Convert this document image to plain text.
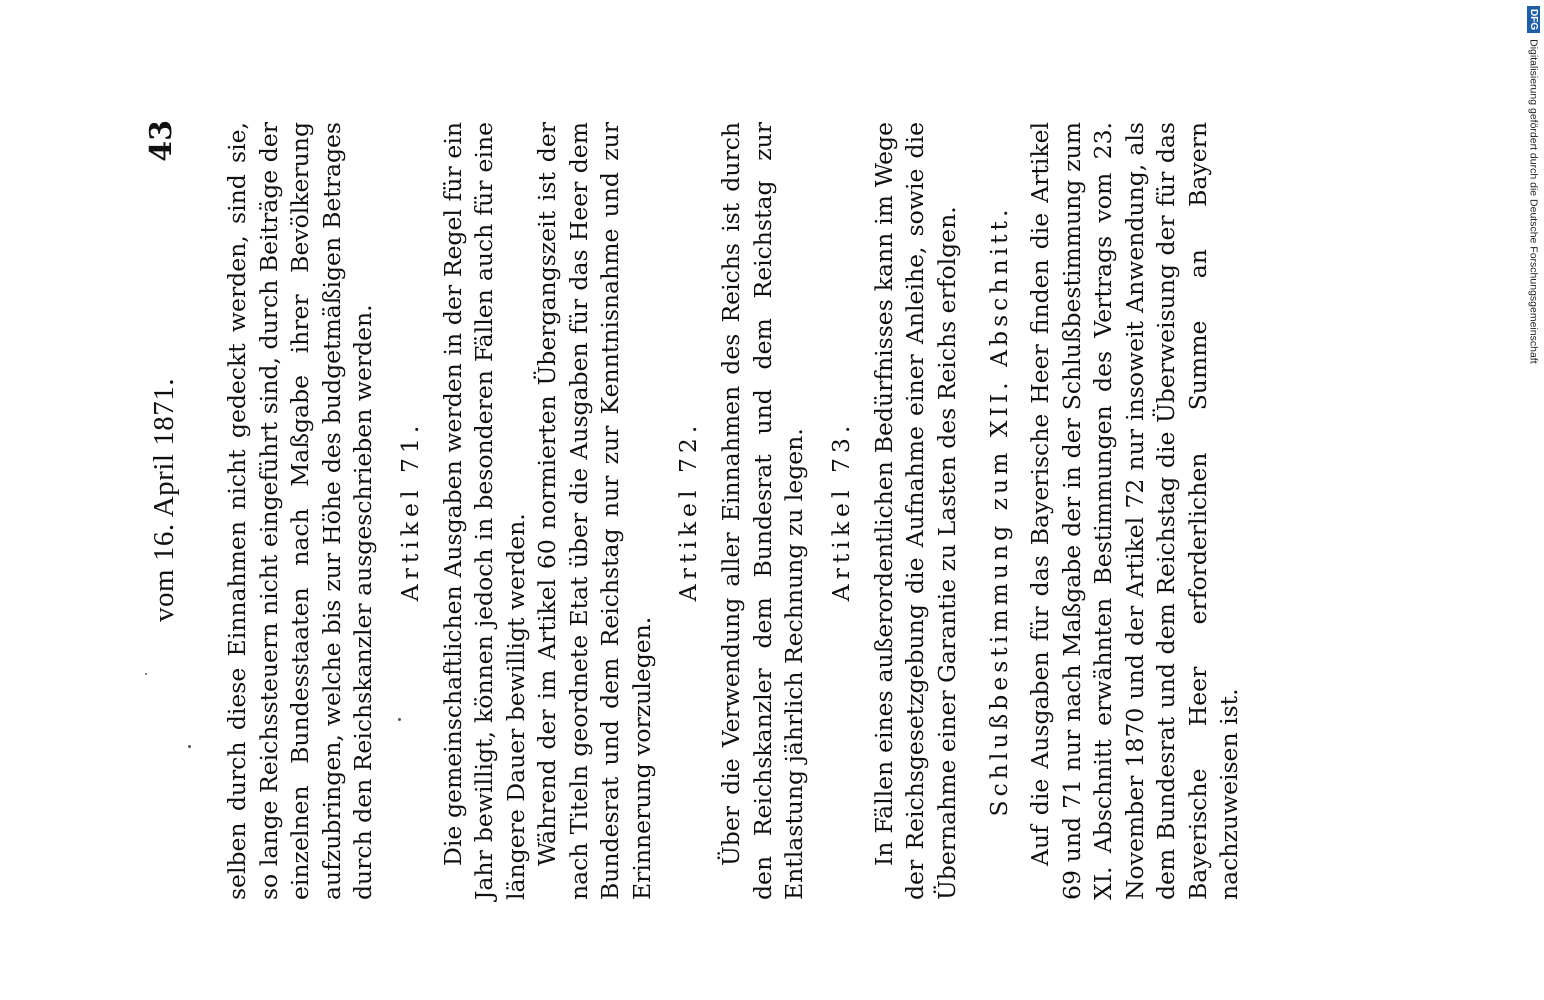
vom 16. April 1871.
43 selben durch diese Einnahmen nicht gedeckt werden, sind sie, so lange Reichssteuern nicht eingeführt sind, durch Beiträge der einzelnen Bundesstaaten nach Maßgabe ihrer Bevölkerung aufzubringen, welche bis zur Höhe des budgetmäßigen Betrages durch den Reichskanzler ausgeschrieben werden. Artikel 71. Die gemeinschaftlichen Ausgaben werden in der Regel für ein Jahr bewilligt, können jedoch in besonderen Fällen auch für eine längere Dauer bewilligt werden. Während der im Artikel 60 normierten Übergangszeit ist der nach Titeln geordnete Etat über die Ausgaben für das Heer dem Bundesrat und dem Reichstag nur zur Kenntnisnahme und zur Erinnerung vorzulegen.

Artikel 72. Über die Verwendung aller Einnahmen des Reichs ist durch den Reichskanzler dem Bundesrat und dem Reichstag zur Entlastung jährlich Rechnung zu legen. Artikel 73. In Fällen eines außerordentlichen Bedürfnisses kann im Wege der Reichsgesetzgebung die Aufnahme einer Anleihe, sowie die Übernahme einer Garantie zu Lasten des Reichs erfolgen. Schlußbestimmung zum XII. Abschnitt. Auf die Ausgaben für das Bayerische Heer finden die Artikel 69 und 71 nur nach Maßgabe der in der Schlußbestimmung zum XI. Abschnitt erwähnten Bestimmungen des Vertrags vom 23. November 1870 und der Artikel 72 nur insoweit Anwendung, als dem Bundesrat und dem Reichstag die Überweisung der für das Bayerische Heer erforderlichen Summe an Bayern nachzuweisen ist.

DFGDigitalisierung gefördert durch die Deutsche Forschungsgemeinschaft
